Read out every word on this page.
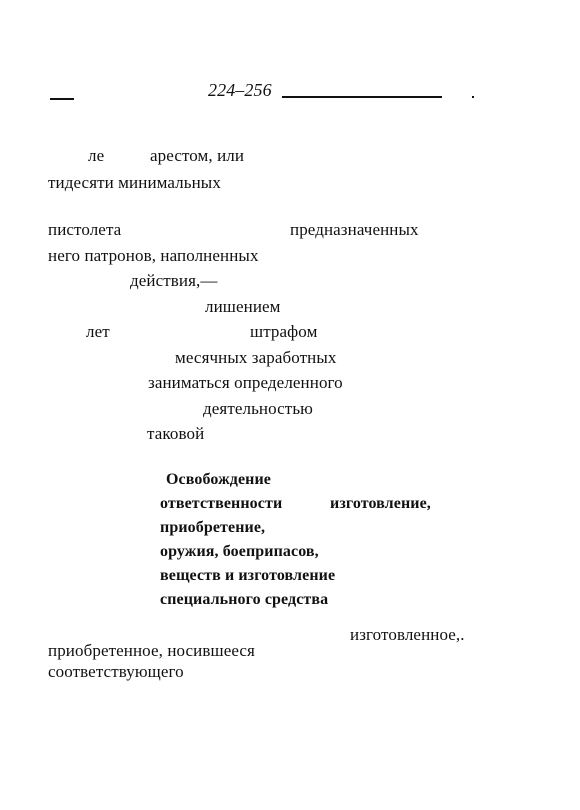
224–256
ле	арестом, или
тидесяти минимальных
пистолета	предназначенных
него патронов, наполненных
действия,—
лишением
лет	штрафом
месячных заработных
заниматься определенного
деятельностью
таковой
Освобождение
ответственности	изготовление,
приобретение,
оружия, боеприпасов,
веществ и изготовление
специального средства
изготовленное,.
приобретенное, носившееся
соответствующего
